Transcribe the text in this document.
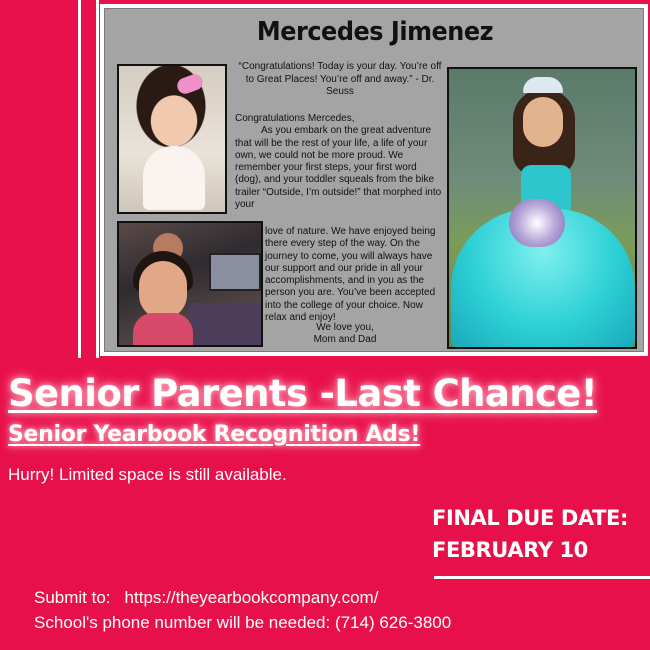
Mercedes Jimenez
“Congratulations! Today is your day. You’re off to Great Places! You’re off and away.” - Dr. Seuss
Congratulations Mercedes,
As you embark on the great adventure that will be the rest of your life, a life of your own, we could not be more proud. We remember your first steps, your first word (dog), and your toddler squeals from the bike trailer “Outside, I’m outside!” that morphed into your
love of nature. We have enjoyed being there every step of the way. On the journey to come, you will always have our support and our pride in all your accomplishments, and in you as the person you are. You’ve been accepted into the college of your choice. Now relax and enjoy!
We love you,
Mom and Dad
Senior Parents -Last Chance!
Senior Yearbook Recognition Ads!
Hurry! Limited space is still available.
FINAL DUE DATE:
FEBRUARY 10
Submit to: https://theyearbookcompany.com/
School's phone number will be needed: (714) 626-3800
